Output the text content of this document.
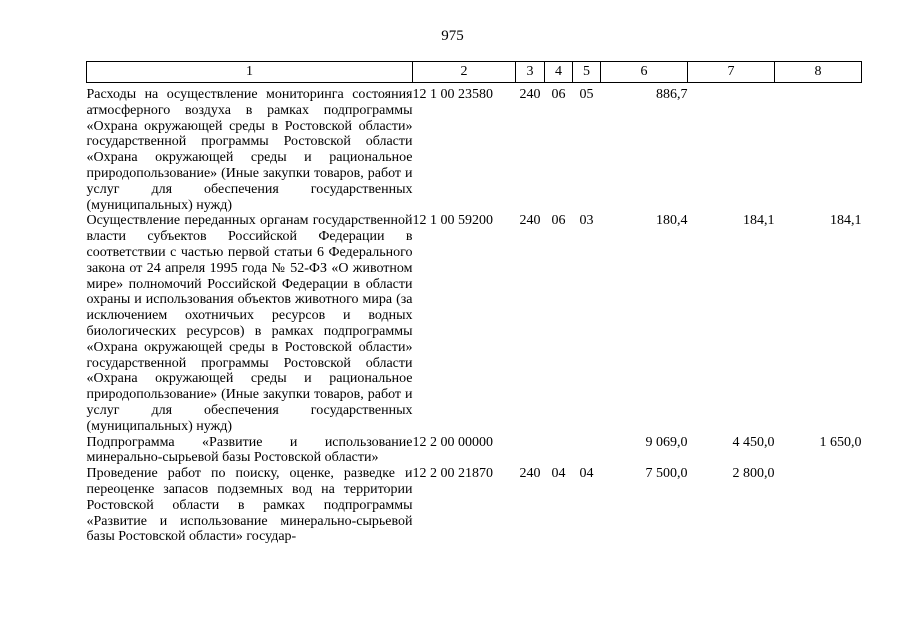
975
1	2	3	4	5	6	7	8
Расходы на осуществление мониторинга состояния атмосферного воздуха в рамках подпрограммы «Охрана окружающей среды в Ростовской области» государственной программы Ростовской области «Охрана окружающей среды и рациональное природопользование» (Иные закупки товаров, работ и услуг для обеспечения государственных (муниципальных) нужд)	12 1 00 23580	240	06	05	886,7		
Осуществление переданных органам государственной власти субъектов Российской Федерации в соответствии с частью первой статьи 6 Федерального закона от 24 апреля 1995 года № 52-ФЗ «О животном мире» полномочий Российской Федерации в области охраны и использования объектов животного мира (за исключением охотничьих ресурсов и водных биологических ресурсов) в рамках подпрограммы «Охрана окружающей среды в Ростовской области» государственной программы Ростовской области «Охрана окружающей среды и рациональное природопользование» (Иные закупки товаров, работ и услуг для обеспечения государственных (муниципальных) нужд)	12 1 00 59200	240	06	03	180,4	184,1	184,1
Подпрограмма «Развитие и использование минерально-сырьевой базы Ростовской области»	12 2 00 00000				9 069,0	4 450,0	1 650,0
Проведение работ по поиску, оценке, разведке и переоценке запасов подземных вод на территории Ростовской области в рамках подпрограммы «Развитие и использование минерально-сырьевой базы Ростовской области» государ-	12 2 00 21870	240	04	04	7 500,0	2 800,0	
